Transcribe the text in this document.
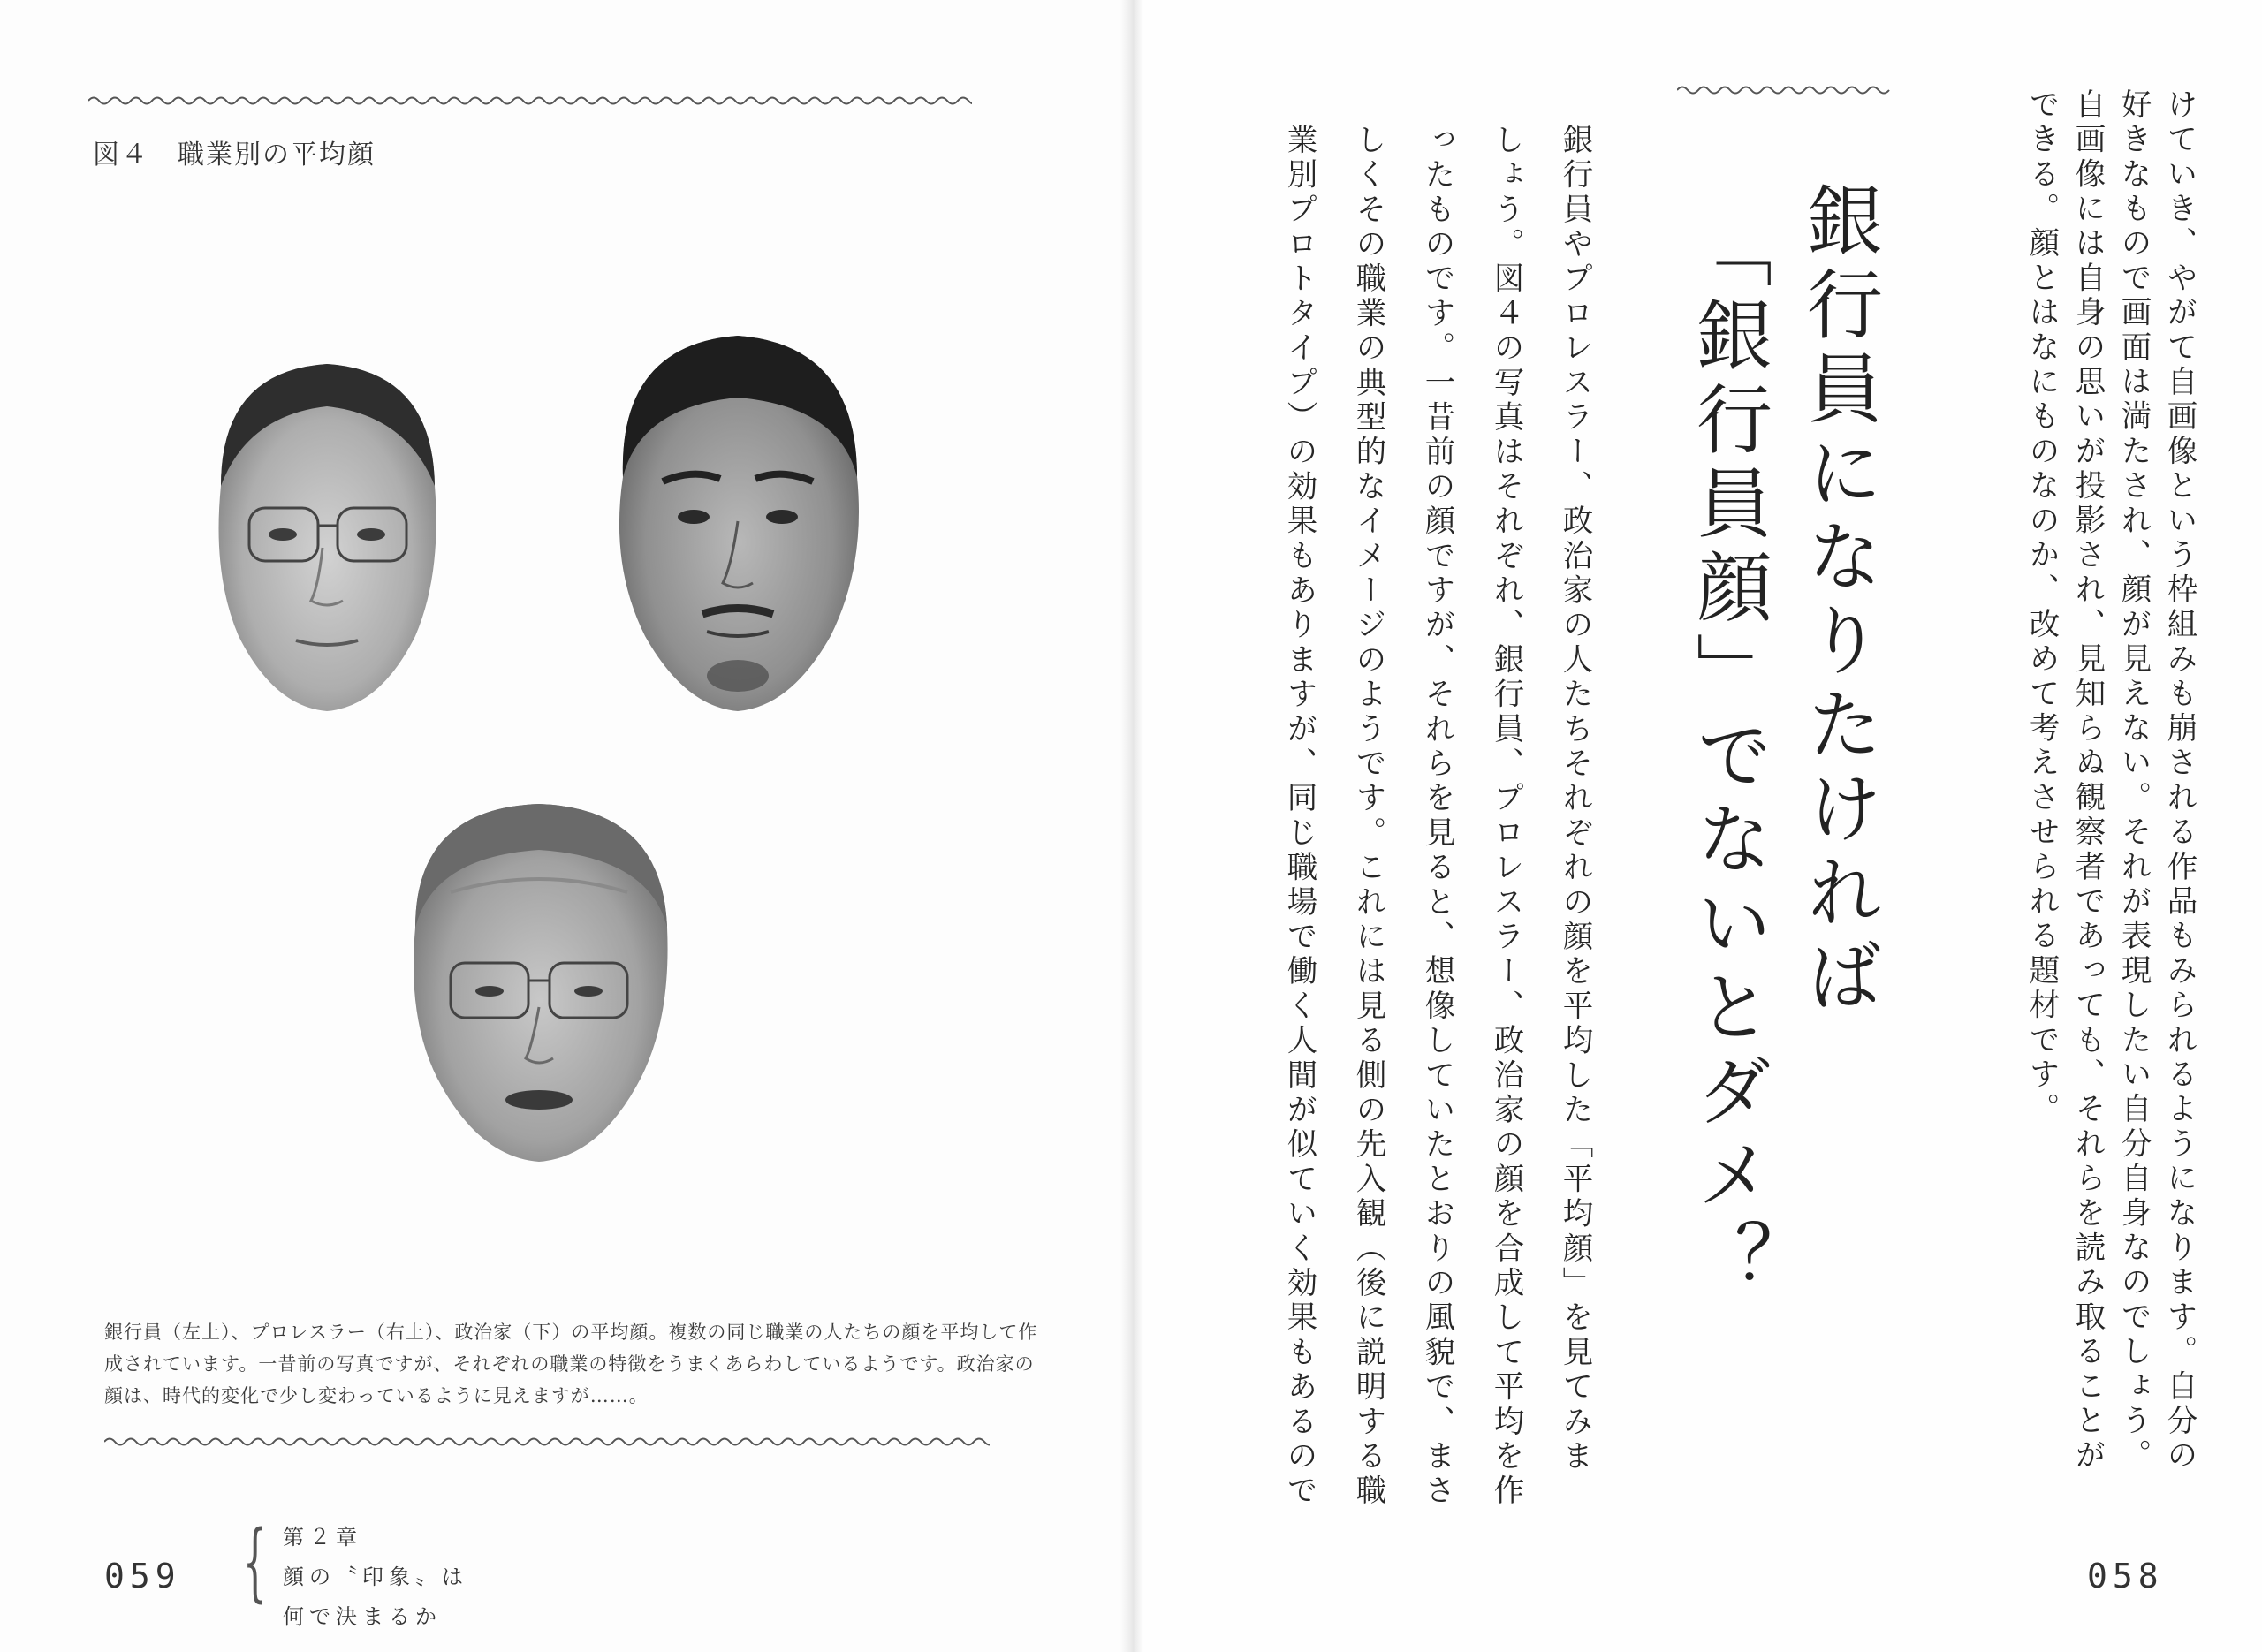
図４　職業別の平均顔

銀行員（左上）、プロレスラー（右上）、政治家（下）の平均顔。複数の同じ職業の人たちの顔を平均して作

成されています。一昔前の写真ですが、それぞれの職業の特徴をうまくあらわしているようです。政治家の

顔は、時代的変化で少し変わっているように見えますが……。

059 { 第２章
顔の〝印象〟は
何で決まるか
けていき、やがて自画像という枠組みも崩される作品もみられるようになります。自分の
好きなもので画面は満たされ、顔が見えない。それが表現したい自分自身なのでしょう。
自画像には自身の思いが投影され、見知らぬ観察者であっても、それらを読み取ることが
できる。顔とはなにものなのか、改めて考えさせられる題材です。
銀行員になりたければ
「銀行員顔」でないとダメ？
銀行員やプロレスラー、政治家の人たちそれぞれの顔を平均した「平均顔」を見てみま
しょう。図４の写真はそれぞれ、銀行員、プロレスラー、政治家の顔を合成して平均を作
ったものです。一昔前の顔ですが、それらを見ると、想像していたとおりの風貌で、まさ
しくその職業の典型的なイメージのようです。これには見る側の先入観（後に説明する職
業別プロトタイプ）の効果もありますが、同じ職場で働く人間が似ていく効果もあるので
058
